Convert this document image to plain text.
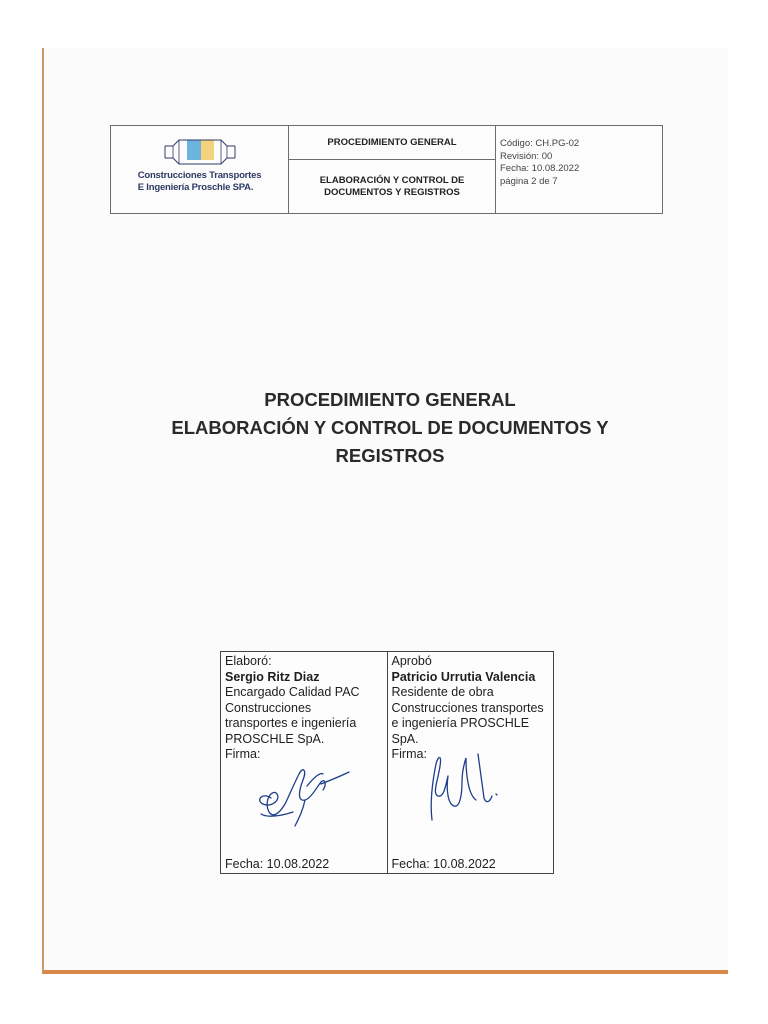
Construcciones Transportes
E Ingeniería Proschle SPA.
PROCEDIMIENTO GENERAL
ELABORACIÓN Y CONTROL DE
DOCUMENTOS Y REGISTROS
Código: CH.PG-02
Revisión: 00
Fecha: 10.08.2022
página 2 de 7
PROCEDIMIENTO GENERAL
ELABORACIÓN Y CONTROL DE DOCUMENTOS Y
REGISTROS
Elaboró:
Sergio Ritz Diaz
Encargado Calidad PAC
Construcciones
transportes e ingeniería
PROSCHLE SpA.
Firma:
Fecha: 10.08.2022
Aprobó
Patricio Urrutia Valencia
Residente de obra
Construcciones transportes
e ingeniería PROSCHLE
SpA.
Firma:
Fecha: 10.08.2022
